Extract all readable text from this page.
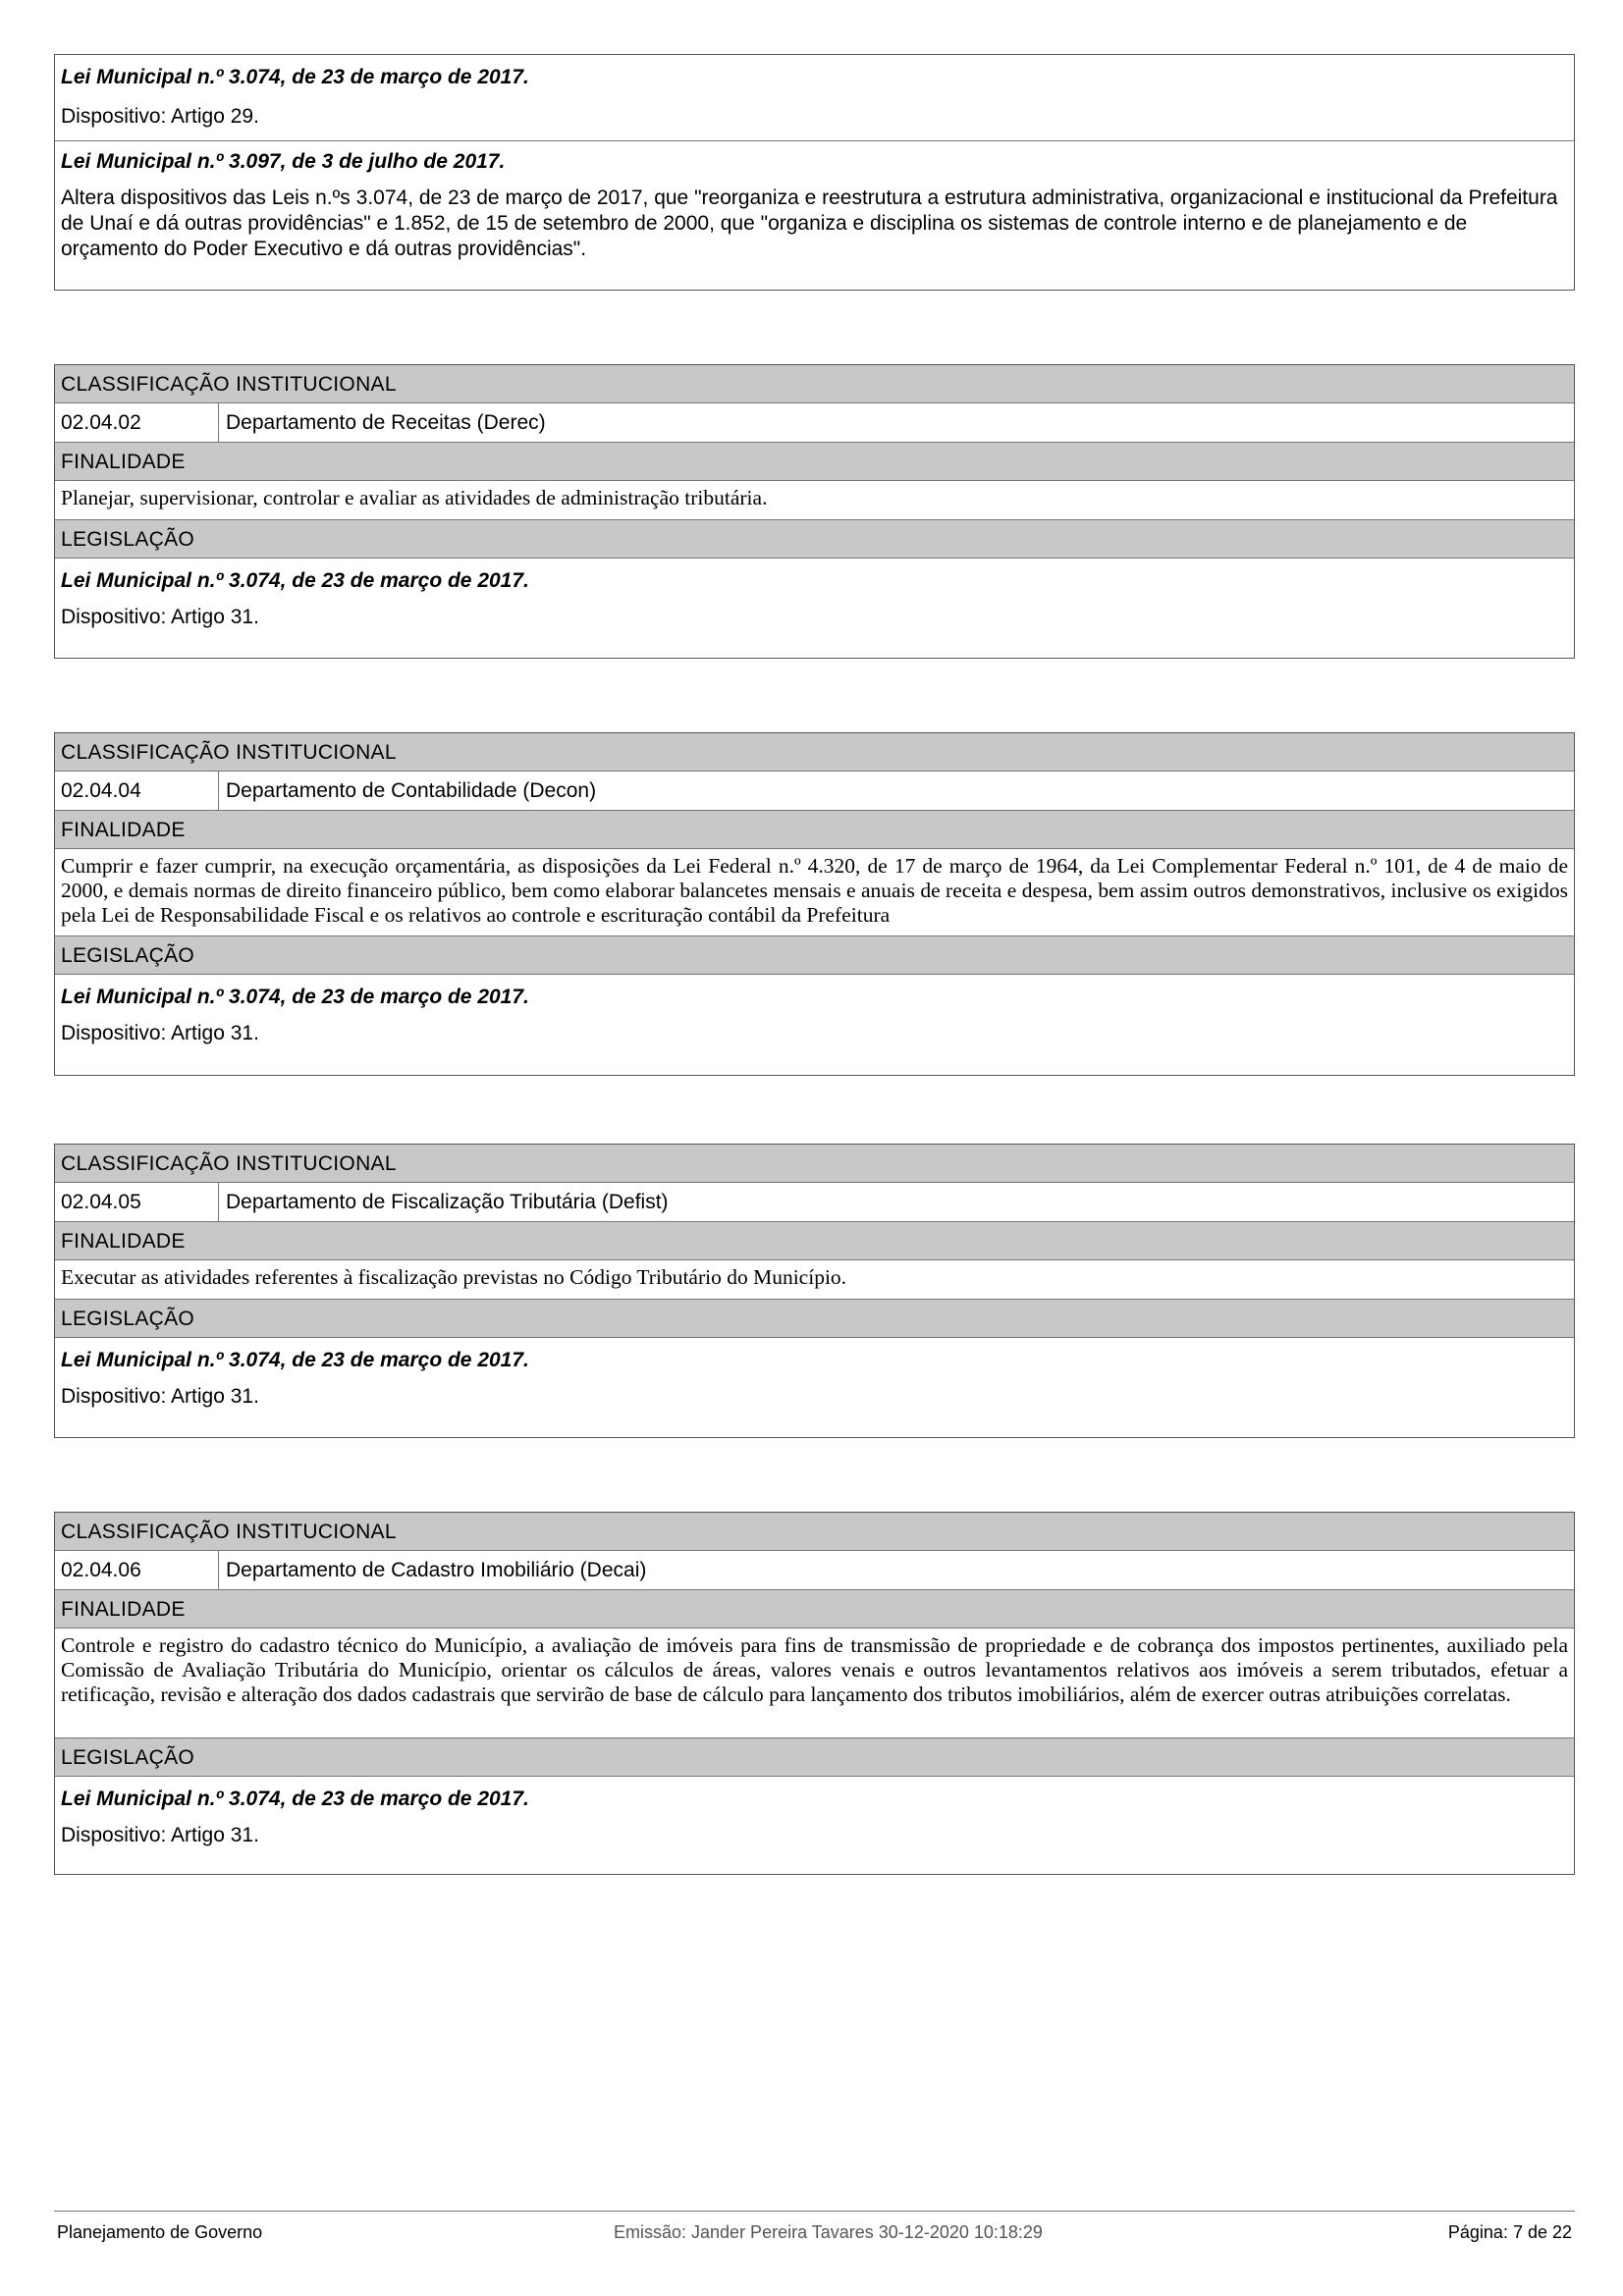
Lei Municipal n.º 3.074, de 23 de março de 2017.
Dispositivo: Artigo 29.
Lei Municipal n.º 3.097, de 3 de julho de 2017.
Altera dispositivos das Leis n.ºs 3.074, de 23 de março de 2017, que "reorganiza e reestrutura a estrutura administrativa, organizacional e institucional da Prefeitura de Unaí e dá outras providências" e 1.852, de 15 de setembro de 2000, que "organiza e disciplina os sistemas de controle interno e de planejamento e de orçamento do Poder Executivo e dá outras providências".
CLASSIFICAÇÃO INSTITUCIONAL
02.04.02	Departamento de Receitas (Derec)
FINALIDADE
Planejar, supervisionar, controlar e avaliar as atividades de administração tributária.
LEGISLAÇÃO
Lei Municipal n.º 3.074, de 23 de março de 2017.
Dispositivo: Artigo 31.
CLASSIFICAÇÃO INSTITUCIONAL
02.04.04	Departamento de Contabilidade (Decon)
FINALIDADE
Cumprir e fazer cumprir, na execução orçamentária, as disposições da Lei Federal n.º 4.320, de 17 de março de 1964, da Lei Complementar Federal n.º 101, de 4 de maio de 2000, e demais normas de direito financeiro público, bem como elaborar balancetes mensais e anuais de receita e despesa, bem assim outros demonstrativos, inclusive os exigidos pela Lei de Responsabilidade Fiscal e os relativos ao controle e escrituração contábil da Prefeitura
LEGISLAÇÃO
Lei Municipal n.º 3.074, de 23 de março de 2017.
Dispositivo: Artigo 31.
CLASSIFICAÇÃO INSTITUCIONAL
02.04.05	Departamento de Fiscalização Tributária (Defist)
FINALIDADE
Executar as atividades referentes à fiscalização previstas no Código Tributário do Município.
LEGISLAÇÃO
Lei Municipal n.º 3.074, de 23 de março de 2017.
Dispositivo: Artigo 31.
CLASSIFICAÇÃO INSTITUCIONAL
02.04.06	Departamento de Cadastro Imobiliário (Decai)
FINALIDADE
Controle e registro do cadastro técnico do Município, a avaliação de imóveis para fins de transmissão de propriedade e de cobrança dos impostos pertinentes, auxiliado pela Comissão de Avaliação Tributária do Município, orientar os cálculos de áreas, valores venais e outros levantamentos relativos aos imóveis a serem tributados, efetuar a retificação, revisão e alteração dos dados cadastrais que servirão de base de cálculo para lançamento dos tributos imobiliários, além de exercer outras atribuições correlatas.
LEGISLAÇÃO
Lei Municipal n.º 3.074, de 23 de março de 2017.
Dispositivo: Artigo 31.
Planejamento de Governo	Emissão: Jander Pereira Tavares 30-12-2020 10:18:29	Página: 7 de 22
